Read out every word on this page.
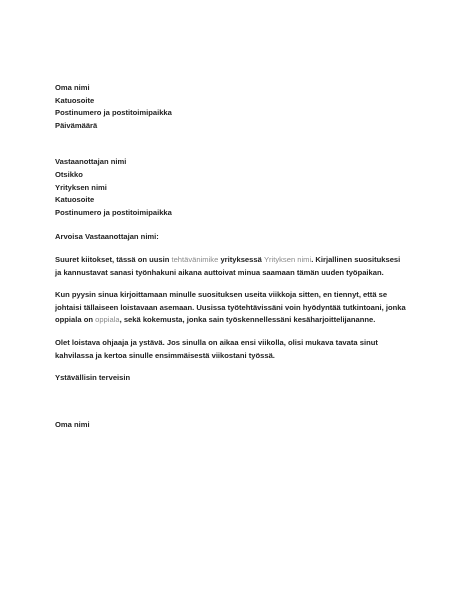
Oma nimi
Katuosoite
Postinumero ja postitoimipaikka
Päivämäärä
Vastaanottajan nimi
Otsikko
Yrityksen nimi
Katuosoite
Postinumero ja postitoimipaikka
Arvoisa Vastaanottajan nimi:
Suuret kiitokset, tässä on uusin tehtävänimike yrityksessä Yrityksen nimi. Kirjallinen suosituksesi
ja kannustavat sanasi työnhakuni aikana auttoivat minua saamaan tämän uuden työpaikan.
Kun pyysin sinua kirjoittamaan minulle suosituksen useita viikkoja sitten, en tiennyt, että se
johtaisi tällaiseen loistavaan asemaan. Uusissa työtehtävissäni voin hyödyntää tutkintoani, jonka
oppiala on oppiala, sekä kokemusta, jonka sain työskennellessäni kesäharjoittelijananne.
Olet loistava ohjaaja ja ystävä. Jos sinulla on aikaa ensi viikolla, olisi mukava tavata sinut
kahvilassa ja kertoa sinulle ensimmäisestä viikostani työssä.
Ystävällisin terveisin
Oma nimi
